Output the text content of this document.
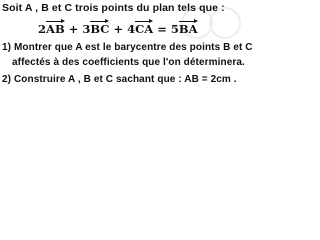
Soit A , B et C trois points du plan tels que :
2AB + 3BC + 4CA = 5BA
1) Montrer que A est le barycentre des points B et C
affectés à des coefficients que l'on déterminera.
2) Construire A , B et C sachant que : AB = 2cm .
